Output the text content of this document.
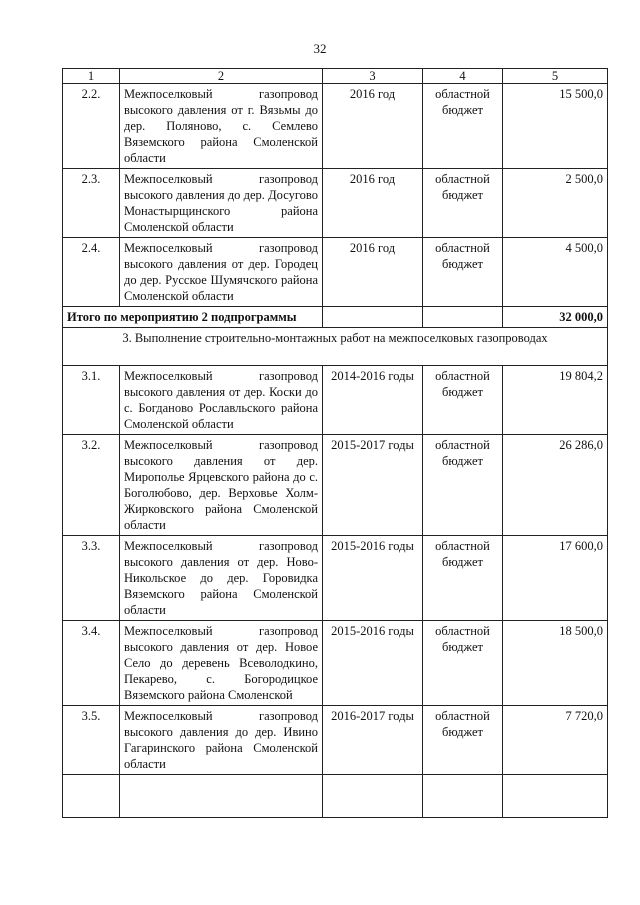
32
1	2	3	4	5
2.2.	Межпоселковый газопровод высокого давления от г. Вязьмы до дер. Поляново, с. Семлево Вяземского района Смоленской области	2016 год	областной бюджет	15 500,0
2.3.	Межпоселковый газопровод высокого давления до дер. Досугово Монастырщинского района Смоленской области	2016 год	областной бюджет	2 500,0
2.4.	Межпоселковый газопровод высокого давления от дер. Городец до дер. Русское Шумячского района Смоленской области	2016 год	областной бюджет	4 500,0
Итого по мероприятию 2 подпрограммы				32 000,0
3. Выполнение строительно-монтажных работ на межпоселковых газопроводах				
3.1.	Межпоселковый газопровод высокого давления от дер. Коски до с. Богданово Рославльского района Смоленской области	2014-2016 годы	областной бюджет	19 804,2
3.2.	Межпоселковый газопровод высокого давления от дер. Мирополье Ярцевского района до с. Боголюбово, дер. Верховье Холм-Жирковского района Смоленской области	2015-2017 годы	областной бюджет	26 286,0
3.3.	Межпоселковый газопровод высокого давления от дер. Ново-Никольское до дер. Горовидка Вяземского района Смоленской области	2015-2016 годы	областной бюджет	17 600,0
3.4.	Межпоселковый газопровод высокого давления от дер. Новое Село до деревень Всеволодкино, Пекарево, с. Богородицкое Вяземского района Смоленской	2015-2016 годы	областной бюджет	18 500,0
3.5.	Межпоселковый газопровод высокого давления до дер. Ивино Гагаринского района Смоленской области	2016-2017 годы	областной бюджет	7 720,0
